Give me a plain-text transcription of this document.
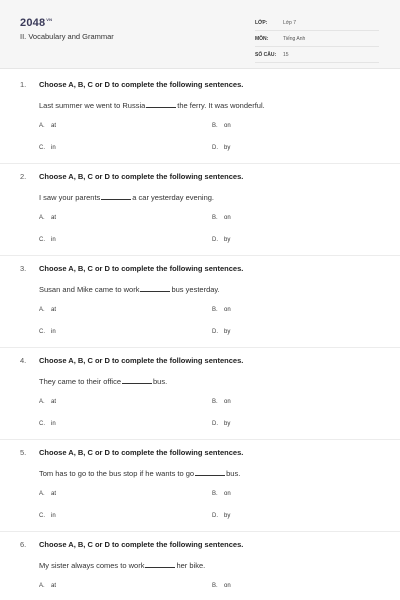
$2048^{VN}$
II. Vocabulary and Grammar
LỚP:	Lớp 7
MÔN:	Tiếng Anh
SỐ CÂU:	15
1. Choose A, B, C or D to complete the following sentences.
Last summer we went to Russia	the ferry. It was wonderful.
A. at	B. on
C. in	D. by
2. Choose A, B, C or D to complete the following sentences.
I saw your parents	a car yesterday evening.
A. at	B. on
C. in	D. by
3. Choose A, B, C or D to complete the following sentences.
Susan and Mike came to work	bus yesterday.
A. at	B. on
C. in	D. by
4. Choose A, B, C or D to complete the following sentences.
They came to their office	bus.
A. at	B. on
C. in	D. by
5. Choose A, B, C or D to complete the following sentences.
Tom has to go to the bus stop if he wants to go	bus.
A. at	B. on
C. in	D. by
6. Choose A, B, C or D to complete the following sentences.
My sister always comes to work	her bike.
A. at	B. on
